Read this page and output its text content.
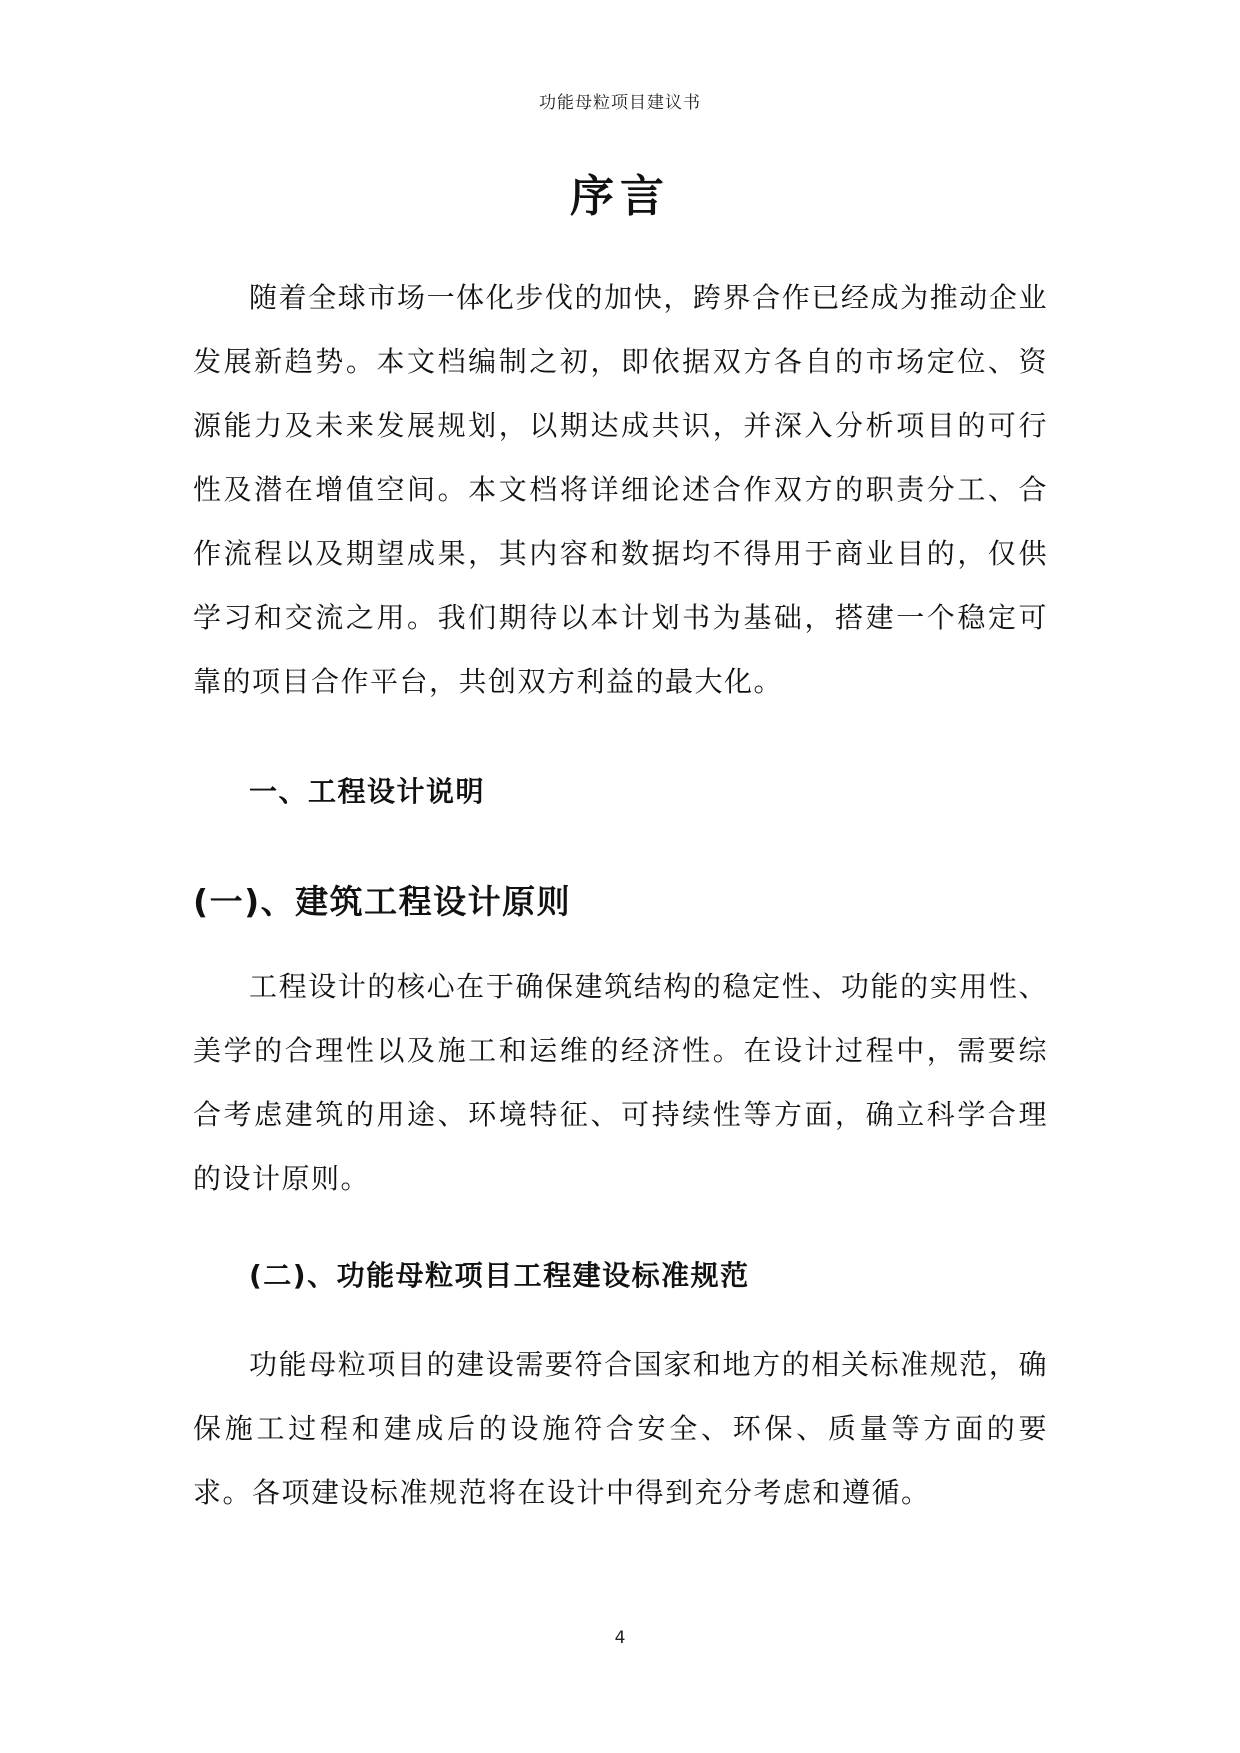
功能母粒项目建议书
序言

随着全球市场一体化步伐的加快，跨界合作已经成为推动企业发展新趋势。本文档编制之初，即依据双方各自的市场定位、资源能力及未来发展规划，以期达成共识，并深入分析项目的可行性及潜在增值空间。本文档将详细论述合作双方的职责分工、合作流程以及期望成果，其内容和数据均不得用于商业目的，仅供学习和交流之用。我们期待以本计划书为基础，搭建一个稳定可靠的项目合作平台，共创双方利益的最大化。

一、工程设计说明
(一)、建筑工程设计原则

工程设计的核心在于确保建筑结构的稳定性、功能的实用性、美学的合理性以及施工和运维的经济性。在设计过程中，需要综合考虑建筑的用途、环境特征、可持续性等方面，确立科学合理的设计原则。

(二)、功能母粒项目工程建设标准规范

功能母粒项目的建设需要符合国家和地方的相关标准规范，确保施工过程和建成后的设施符合安全、环保、质量等方面的要求。各项建设标准规范将在设计中得到充分考虑和遵循。

4
